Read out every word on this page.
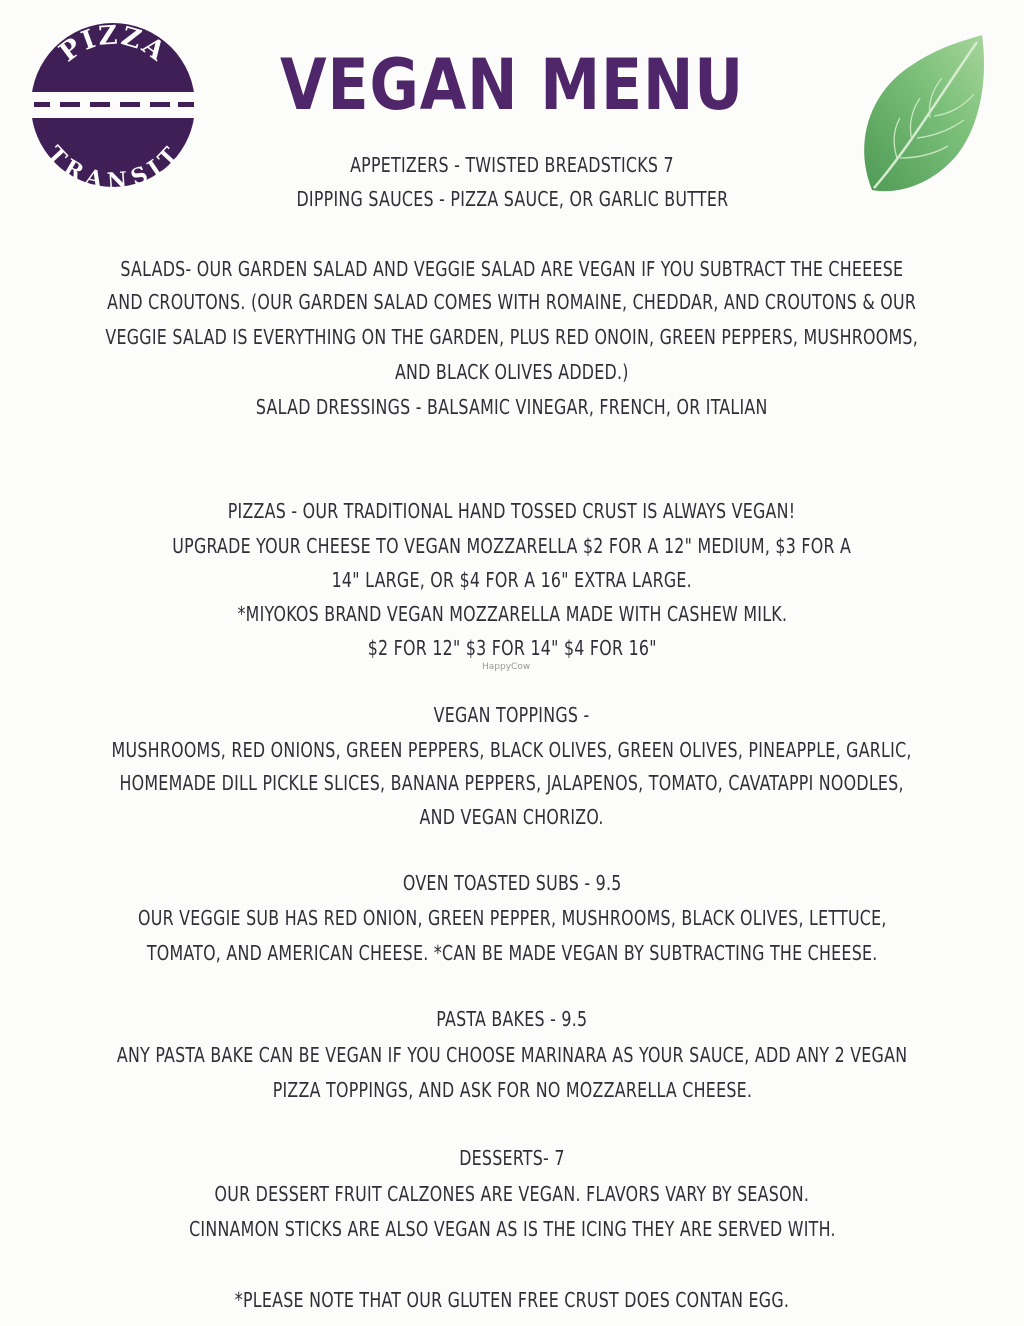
PIZZA
TRANSIT
VEGAN MENU
APPETIZERS - TWISTED BREADSTICKS 7
DIPPING SAUCES - PIZZA SAUCE, OR GARLIC BUTTER
SALADS- OUR GARDEN SALAD AND VEGGIE SALAD ARE VEGAN IF YOU SUBTRACT THE CHEEESE
AND CROUTONS. (OUR GARDEN SALAD COMES WITH ROMAINE, CHEDDAR, AND CROUTONS & OUR
VEGGIE SALAD IS EVERYTHING ON THE GARDEN, PLUS RED ONOIN, GREEN PEPPERS, MUSHROOMS,
AND BLACK OLIVES ADDED.)
SALAD DRESSINGS - BALSAMIC VINEGAR, FRENCH, OR ITALIAN
PIZZAS - OUR TRADITIONAL HAND TOSSED CRUST IS ALWAYS VEGAN!
UPGRADE YOUR CHEESE TO VEGAN MOZZARELLA $2 FOR A 12" MEDIUM, $3 FOR A
14" LARGE, OR $4 FOR A 16" EXTRA LARGE.
*MIYOKOS BRAND VEGAN MOZZARELLA MADE WITH CASHEW MILK.
$2 FOR 12" $3 FOR 14" $4 FOR 16"
HappyCow
VEGAN TOPPINGS -
MUSHROOMS, RED ONIONS, GREEN PEPPERS, BLACK OLIVES, GREEN OLIVES, PINEAPPLE, GARLIC,
HOMEMADE DILL PICKLE SLICES, BANANA PEPPERS, JALAPENOS, TOMATO, CAVATAPPI NOODLES,
AND VEGAN CHORIZO.
OVEN TOASTED SUBS - 9.5
OUR VEGGIE SUB HAS RED ONION, GREEN PEPPER, MUSHROOMS, BLACK OLIVES, LETTUCE,
TOMATO, AND AMERICAN CHEESE. *CAN BE MADE VEGAN BY SUBTRACTING THE CHEESE.
PASTA BAKES - 9.5
ANY PASTA BAKE CAN BE VEGAN IF YOU CHOOSE MARINARA AS YOUR SAUCE, ADD ANY 2 VEGAN
PIZZA TOPPINGS, AND ASK FOR NO MOZZARELLA CHEESE.
DESSERTS- 7
OUR DESSERT FRUIT CALZONES ARE VEGAN. FLAVORS VARY BY SEASON.
CINNAMON STICKS ARE ALSO VEGAN AS IS THE ICING THEY ARE SERVED WITH.
*PLEASE NOTE THAT OUR GLUTEN FREE CRUST DOES CONTAN EGG.
